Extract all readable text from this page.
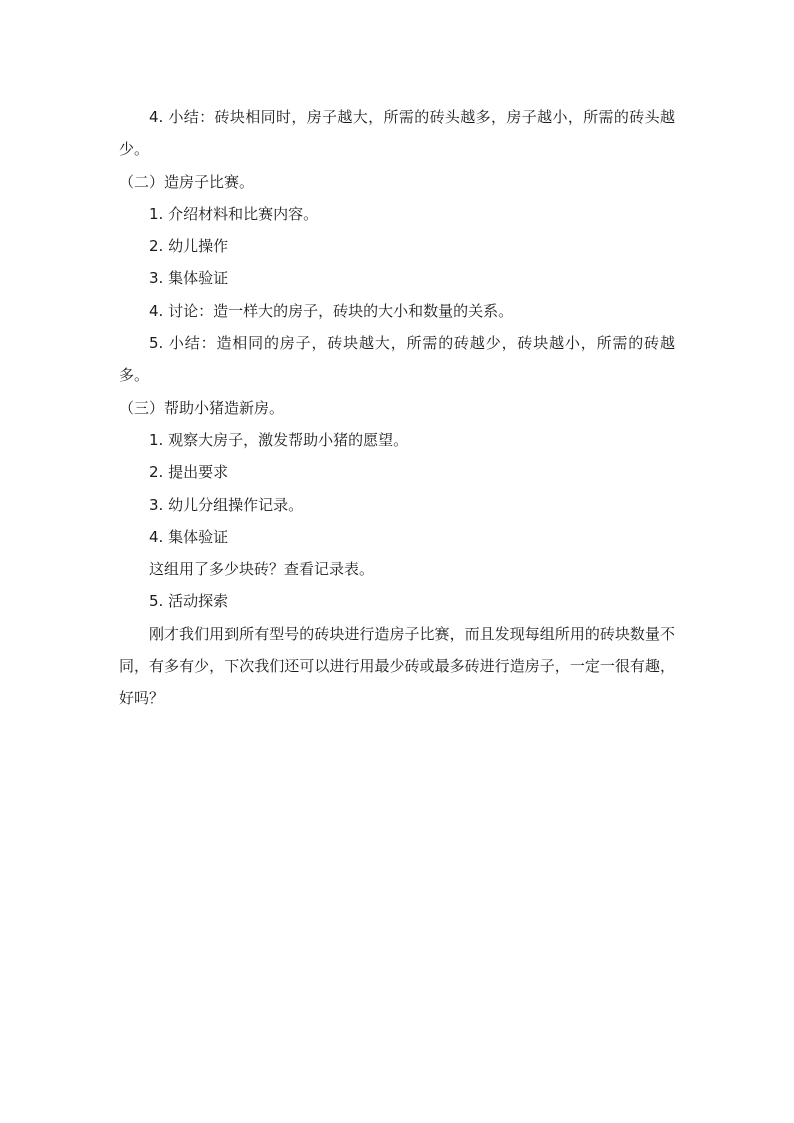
4. 小结：砖块相同时，房子越大，所需的砖头越多，房子越小，所需的砖头越少。

（二）造房子比赛。

1. 介绍材料和比赛内容。

2. 幼儿操作

3. 集体验证

4. 讨论：造一样大的房子，砖块的大小和数量的关系。

5. 小结：造相同的房子，砖块越大，所需的砖越少，砖块越小，所需的砖越多。

（三）帮助小猪造新房。

1. 观察大房子，激发帮助小猪的愿望。

2. 提出要求

3. 幼儿分组操作记录。

4. 集体验证

这组用了多少块砖？查看记录表。

5. 活动探索

刚才我们用到所有型号的砖块进行造房子比赛，而且发现每组所用的砖块数量不同，有多有少，下次我们还可以进行用最少砖或最多砖进行造房子，一定一很有趣，好吗？
